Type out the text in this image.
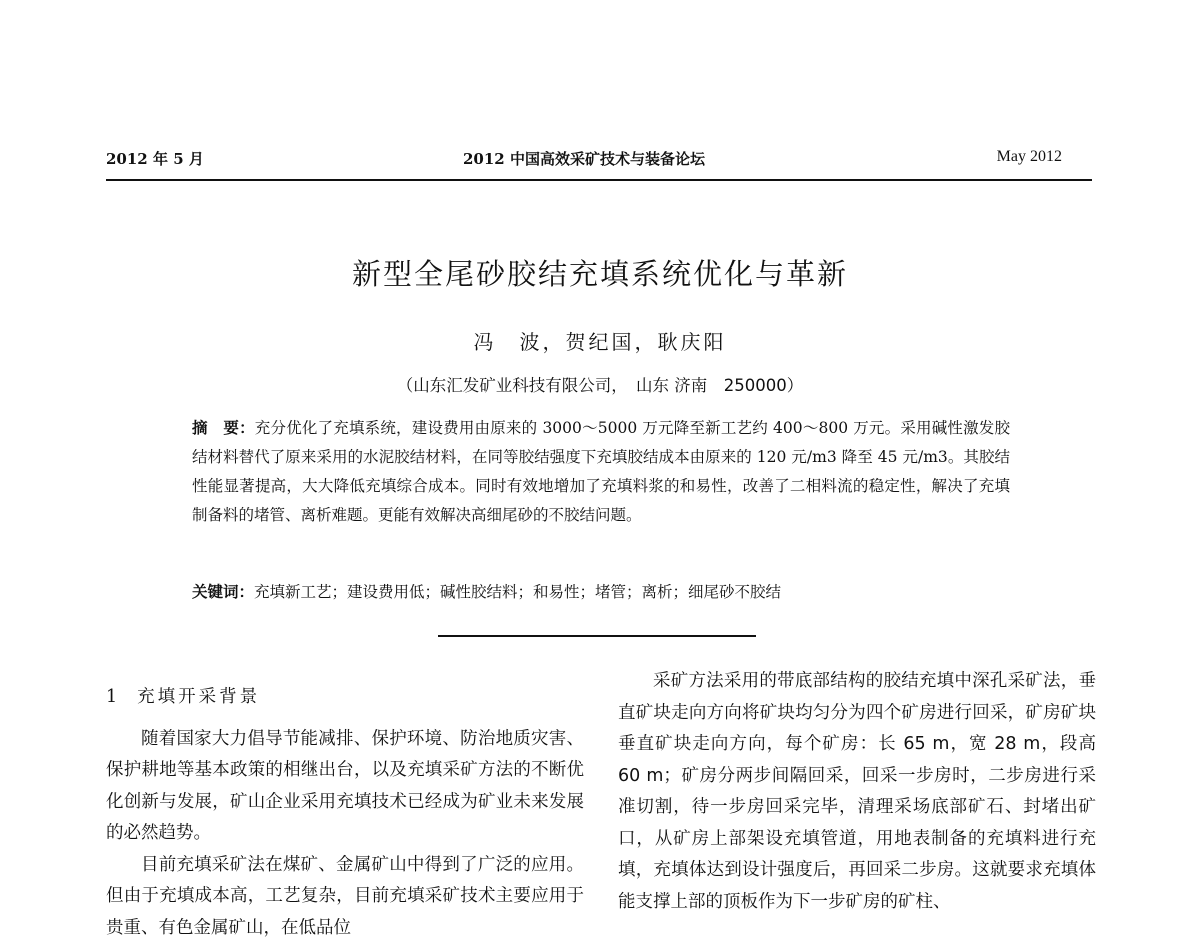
2012 年 5 月	2012 中国高效采矿技术与装备论坛	May 2012
新型全尾砂胶结充填系统优化与革新
冯　波，贺纪国，耿庆阳
（山东汇发矿业科技有限公司，　山东 济南　250000）
摘　要：充分优化了充填系统，建设费用由原来的 3000～5000 万元降至新工艺约 400～800 万元。采用碱性激发胶结材料替代了原来采用的水泥胶结材料，在同等胶结强度下充填胶结成本由原来的 120 元/m3 降至 45 元/m3。其胶结性能显著提高，大大降低充填综合成本。同时有效地增加了充填料浆的和易性，改善了二相料流的稳定性，解决了充填制备料的堵管、离析难题。更能有效解决高细尾砂的不胶结问题。
关键词：充填新工艺；建设费用低；碱性胶结料；和易性；堵管；离析；细尾砂不胶结
1 充填开采背景

随着国家大力倡导节能减排、保护环境、防治地质灾害、保护耕地等基本政策的相继出台，以及充填采矿方法的不断优化创新与发展，矿山企业采用充填技术已经成为矿业未来发展的必然趋势。

目前充填采矿法在煤矿、金属矿山中得到了广泛的应用。但由于充填成本高，工艺复杂，目前充填采矿技术主要应用于贵重、有色金属矿山，在低品位

采矿方法采用的带底部结构的胶结充填中深孔采矿法，垂直矿块走向方向将矿块均匀分为四个矿房进行回采，矿房矿块垂直矿块走向方向，每个矿房：长 65 m，宽 28 m，段高 60 m；矿房分两步间隔回采，回采一步房时，二步房进行采准切割，待一步房回采完毕，清理采场底部矿石、封堵出矿口，从矿房上部架设充填管道，用地表制备的充填料进行充填，充填体达到设计强度后，再回采二步房。这就要求充填体能支撑上部的顶板作为下一步矿房的矿柱、
